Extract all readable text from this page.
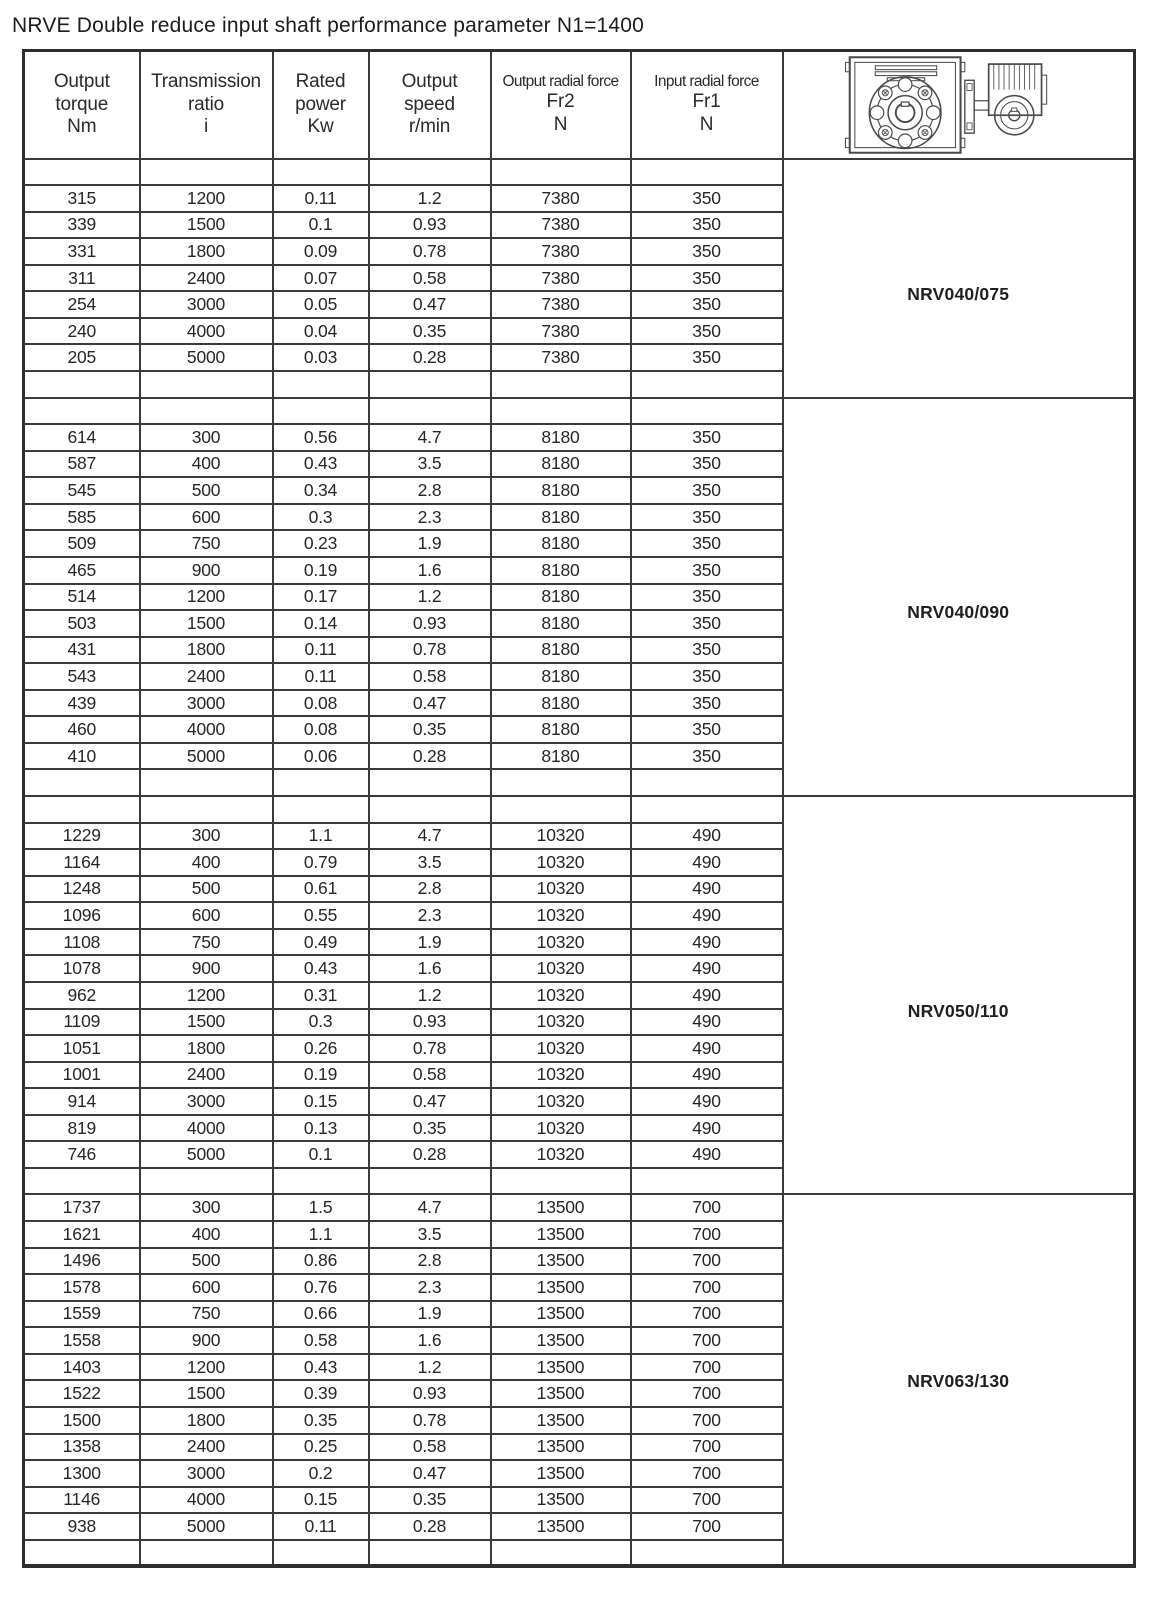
NRVE Double reduce input shaft performance parameter N1=1400
Output
torque
Nm	Transmission
ratio
i	Rated
power
Kw	Output
speed
r/min	Output radial force
Fr2
N	Input radial force
Fr1
N

						NRV040/075

315	1200	0.11	1.2	7380	350	
339	1500	0.1	0.93	7380	350	
331	1800	0.09	0.78	7380	350	
311	2400	0.07	0.58	7380	350	
254	3000	0.05	0.47	7380	350	
240	4000	0.04	0.35	7380	350	
205	5000	0.03	0.28	7380	350	

						NRV040/090

614	300	0.56	4.7	8180	350	
587	400	0.43	3.5	8180	350	
545	500	0.34	2.8	8180	350	
585	600	0.3	2.3	8180	350	
509	750	0.23	1.9	8180	350	
465	900	0.19	1.6	8180	350	
514	1200	0.17	1.2	8180	350	
503	1500	0.14	0.93	8180	350	
431	1800	0.11	0.78	8180	350	
543	2400	0.11	0.58	8180	350	
439	3000	0.08	0.47	8180	350	
460	4000	0.08	0.35	8180	350	
410	5000	0.06	0.28	8180	350	

						NRV050/110

1229	300	1.1	4.7	10320	490	
1164	400	0.79	3.5	10320	490	
1248	500	0.61	2.8	10320	490	
1096	600	0.55	2.3	10320	490	
1108	750	0.49	1.9	10320	490	
1078	900	0.43	1.6	10320	490	
962	1200	0.31	1.2	10320	490	
1109	1500	0.3	0.93	10320	490	
1051	1800	0.26	0.78	10320	490	
1001	2400	0.19	0.58	10320	490	
914	3000	0.15	0.47	10320	490	
819	4000	0.13	0.35	10320	490	
746	5000	0.1	0.28	10320	490	

1737	300	1.5	4.7	13500	700	NRV063/130

1621	400	1.1	3.5	13500	700	
1496	500	0.86	2.8	13500	700	
1578	600	0.76	2.3	13500	700	
1559	750	0.66	1.9	13500	700	
1558	900	0.58	1.6	13500	700	
1403	1200	0.43	1.2	13500	700	
1522	1500	0.39	0.93	13500	700	
1500	1800	0.35	0.78	13500	700	
1358	2400	0.25	0.58	13500	700	
1300	3000	0.2	0.47	13500	700	
1146	4000	0.15	0.35	13500	700	
938	5000	0.11	0.28	13500	700	
